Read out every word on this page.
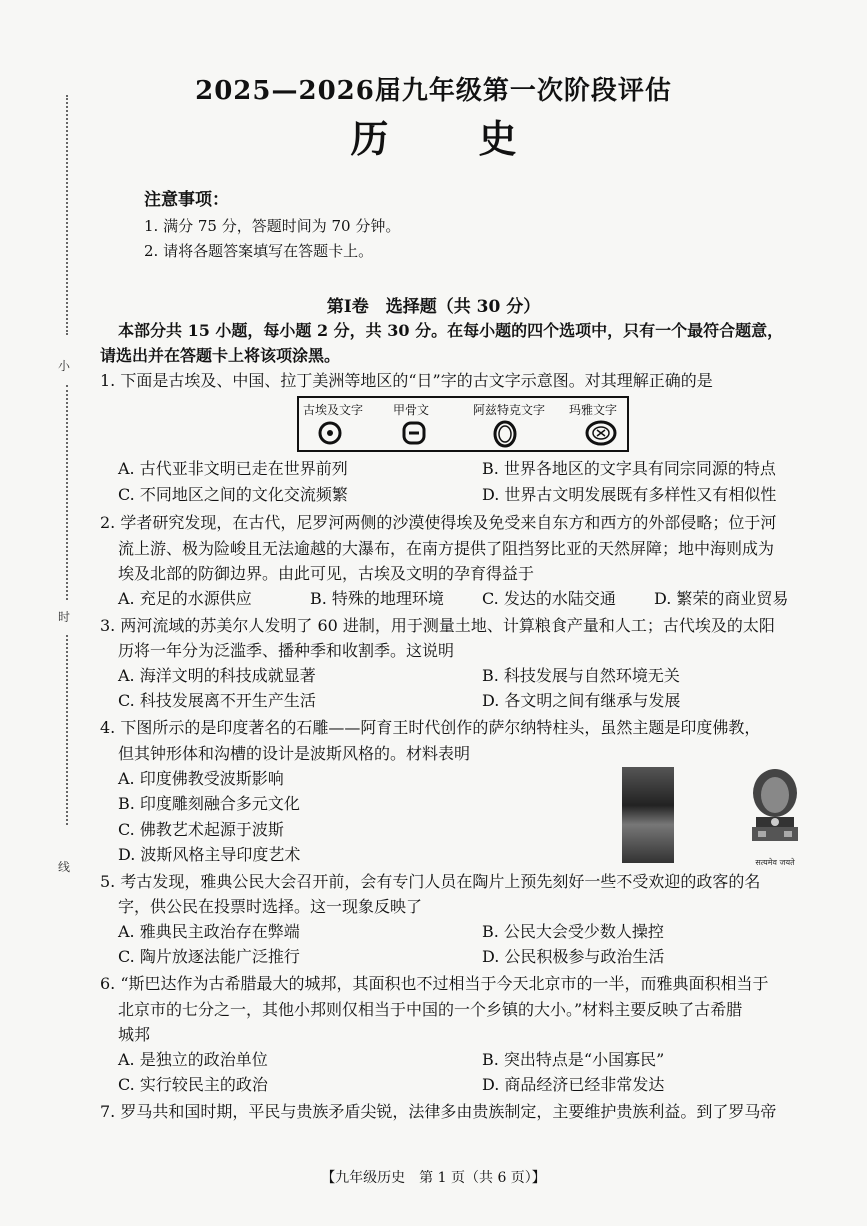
2025—2026届九年级第一次阶段评估
历史
小
时
线
注意事项：
1. 满分 75 分，答题时间为 70 分钟。
2. 请将各题答案填写在答题卡上。
第Ⅰ卷　选择题（共 30 分）
本部分共 15 小题，每小题 2 分，共 30 分。在每小题的四个选项中，只有一个最符合题意，
请选出并在答题卡上将该项涂黑。
1. 下面是古埃及、中国、拉丁美洲等地区的“日”字的古文字示意图。对其理解正确的是
古埃及文字 甲骨文	阿兹特克文字 玛雅文字
A. 古代亚非文明已走在世界前列	B. 世界各地区的文字具有同宗同源的特点
C. 不同地区之间的文化交流频繁	D. 世界古文明发展既有多样性又有相似性
2. 学者研究发现，在古代，尼罗河两侧的沙漠使得埃及免受来自东方和西方的外部侵略；位于河
流上游、极为险峻且无法逾越的大瀑布，在南方提供了阻挡努比亚的天然屏障；地中海则成为
埃及北部的防御边界。由此可见，古埃及文明的孕育得益于
A. 充足的水源供应	B. 特殊的地理环境 C. 发达的水陆交通 D. 繁荣的商业贸易
3. 两河流域的苏美尔人发明了 60 进制，用于测量土地、计算粮食产量和人工；古代埃及的太阳
历将一年分为泛滥季、播种季和收割季。这说明
A. 海洋文明的科技成就显著	B. 科技发展与自然环境无关
C. 科技发展离不开生产生活	D. 各文明之间有继承与发展
4. 下图所示的是印度著名的石雕——阿育王时代创作的萨尔纳特柱头，虽然主题是印度佛教，
但其钟形体和沟槽的设计是波斯风格的。材料表明
A. 印度佛教受波斯影响
B. 印度雕刻融合多元文化
C. 佛教艺术起源于波斯
D. 波斯风格主导印度艺术	सत्यमेव जयते
5. 考古发现，雅典公民大会召开前，会有专门人员在陶片上预先刻好一些不受欢迎的政客的名
字，供公民在投票时选择。这一现象反映了
A. 雅典民主政治存在弊端	B. 公民大会受少数人操控
C. 陶片放逐法能广泛推行	D. 公民积极参与政治生活
6. “斯巴达作为古希腊最大的城邦，其面积也不过相当于今天北京市的一半，而雅典面积相当于
北京市的七分之一，其他小邦则仅相当于中国的一个乡镇的大小。”材料主要反映了古希腊
城邦
A. 是独立的政治单位	B. 突出特点是“小国寡民”
C. 实行较民主的政治	D. 商品经济已经非常发达
7. 罗马共和国时期，平民与贵族矛盾尖锐，法律多由贵族制定，主要维护贵族利益。到了罗马帝
【九年级历史　第 1 页（共 6 页）】
